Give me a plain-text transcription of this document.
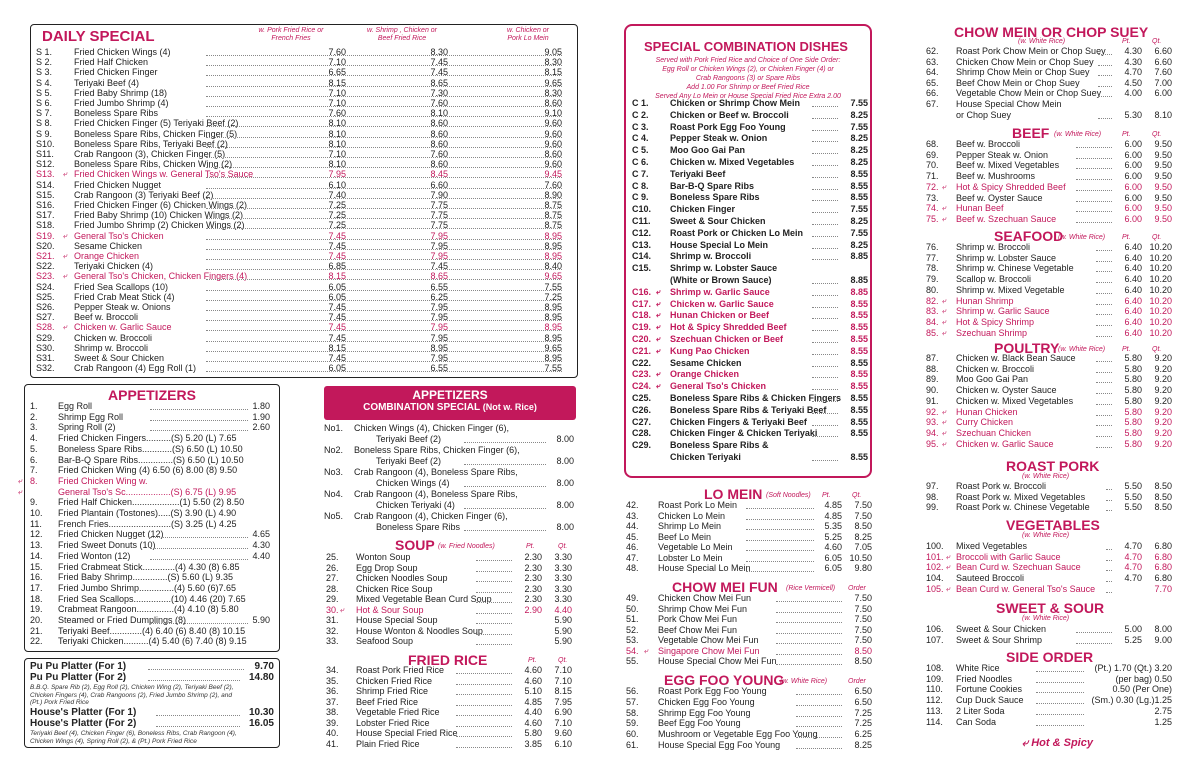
DAILY SPECIAL	w. Pork Fried Rice or
French Fries
w. Shrimp , Chicken or
Beef Fried Rice
w. Chicken or
Pork Lo Mein
S 1. Fried Chicken Wings (4)	7.60	8.30	9.05
S 2. Fried Half Chicken	7.10	7.45	8.30
S 3. Fried Chicken Finger	6.65	7.45	8.15
S 4. Teriyaki Beef (4)	8.15	8.65	9.65
S 5. Fried Baby Shrimp (18)	7.10	7.30	8.30
S 6. Fried Jumbo Shrimp (4)	7.10	7.60	8.60
S 7. Boneless Spare Ribs	7.60	8.10	9.10
S 8. Fried Chicken Finger (5) Teriyaki Beef (2)	8.10	8.60	9.60
S 9. Boneless Spare Ribs, Chicken Finger (5)	8.10	8.60	9.60
S10. Boneless Spare Ribs, Teriyaki Beef (2)	8.10	8.60	9.60
S11. Crab Rangoon (3), Chicken Finger (5)	7.10	7.60	8.60
S12. Boneless Spare Ribs, Chicken Wing (2)	8.10	8.60	9.60
⤶
S13. Fried Chicken Wings w. General Tso's Sauce	7.95	8.45	9.45
S14. Fried Chicken Nugget	6.10	6.60	7.60
S15. Crab Rangoon (3) Teriyaki Beef (2)	7.40	7.90	8.90
S16. Fried Chicken Finger (6) Chicken Wings (2)	7.25	7.75	8.75
S17. Fried Baby Shrimp (10) Chicken Wings (2)	7.25	7.75	8.75
S18. Fried Jumbo Shrimp (2) Chicken Wings (2)	7.25	7.75	8.75
⤶
S19. General Tso's Chicken	7.45	7.95	8.95
S20. Sesame Chicken	7.45	7.95	8.95
⤶
S21. Orange Chicken	7.45	7.95	8.95
S22. Teriyaki Chicken (4)	6.85	7.45	8.40
⤶
S23. General Tso's Chicken, Chicken Fingers (4)	8.15	8.65	9.65
S24. Fried Sea Scallops (10)	6.05	6.55	7.55
S25. Fried Crab Meat Stick (4)	6.05	6.25	7.25
S26. Pepper Steak w. Onions	7.45	7.95	8.95
S27. Beef w. Broccoli	7.45	7.95	8.95
⤶
S28. Chicken w. Garlic Sauce	7.45	7.95	8.95
S29. Chicken w. Broccoli	7.45	7.95	8.95
S30. Shrimp w. Broccoli	8.15	8.95	9.65
S31. Sweet & Sour Chicken	7.45	7.95	8.95
S32. Crab Rangoon (4) Egg Roll (1)	6.05	6.55	7.55
APPETIZERS
1. Egg Roll	1.80
2. Shrimp Egg Roll	1.90
3. Spring Roll (2)	2.60
4. Fried Chicken Fingers..........(S) 5.20 (L) 7.65
5. Boneless Spare Ribs............(S) 6.50 (L) 10.50
6. Bar-B-Q Spare Ribs..............(S) 6.50 (L) 10.50
7. Fried Chicken Wing (4) 6.50 (6) 8.00 (8) 9.50
⤶ 8. Fried Chicken Wing w.
⤶	General Tso's Sc..................(S) 6.75 (L) 9.95
9. Fried Half Chicken...................(1) 5.50 (2) 8.50
10. Fried Plantain (Tostones).....(S) 3.90 (L) 4.90
11. French Fries.........................(S) 3.25 (L) 4.25
12. Fried Chicken Nugget (12)	4.65
13. Fried Sweet Donuts (10)	4.30
14. Fried Wonton (12)	4.40
15. Fried Crabmeat Stick.............(4) 4.30 (8) 6.85
16. Fried Baby Shrimp..............(S) 5.60 (L) 9.35
17. Fried Jumbo Shrimp..............(4) 5.60 (6)7.65
18. Fried Sea Scallops...............(10) 4.46 (20) 7.65
19. Crabmeat Rangoon...............(4) 4.10 (8) 5.80
20. Steamed or Fried Dumplings (8)	5.90
21. Teriyaki Beef.............(4) 6.40 (6) 8.40 (8) 10.15
22. Teriyaki Chicken..........(4) 5.40 (6) 7.40 (8) 9.15
Pu Pu Platter (For 1)	9.70
Pu Pu Platter (For 2)	14.80
B.B.Q. Spare Rib (2), Egg Roll (2), Chicken Wing (2), Teriyaki Beef (2),
Chicken Fingers (4), Crab Rangoons (2), Fried Jumbo Shrimp (2), and
(Pt.) Pork Fried Rice
House's Platter (For 1)	10.30
House's Platter (For 2)	16.05
Teriyaki Beef (4), Chicken Finger (6), Boneless Ribs, Crab Rangoon (4),
Chicken Wings (4), Spring Roll (2), & (Pt.) Pork Fried Rice
APPETIZERS
COMBINATION SPECIAL (Not w. Rice)
No1. Chicken Wings (4), Chicken Finger (6),
Teriyaki Beef (2)	8.00
No2. Boneless Spare Ribs, Chicken Finger (6),
Teriyaki Beef (2)	8.00
No3. Crab Rangoon (4), Boneless Spare Ribs,
Chicken Wings (4)	8.00
No4. Crab Rangoon (4), Boneless Spare Ribs,
Chicken Teriyaki (4)	8.00
No5. Crab Rangoon (4), Chicken Finger (6),
Boneless Spare Ribs	8.00
SOUP (w. Fried Noodles)	Pt.	Qt.
25. Wonton Soup	2.30 3.30
26. Egg Drop Soup	2.30 3.30
27. Chicken Noodles Soup	2.30 3.30
28. Chicken Rice Soup	2.30 3.30
29. Mixed Vegetable Bean Curd Soup	2.30 3.30
⤶
30. Hot & Sour Soup	2.90 4.40
31. House Special Soup	5.90
32. House Wonton & Noodles Soup	5.90
33. Seafood Soup	5.90
FRIED RICE	Pt.	Qt.
34. Roast Pork Fried Rice	4.60 7.10
35. Chicken Fried Rice	4.60 7.10
36. Shrimp Fried Rice	5.10 8.15
37. Beef Fried Rice	4.85 7.95
38. Vegetable Fried Rice	4.40 6.90
39. Lobster Fried Rice	4.60 7.10
40. House Special Fried Rice	5.80 9.60
41. Plain Fried Rice	3.85 6.10
SPECIAL COMBINATION DISHES
Served with Pork Fried Rice and Choice of One Side Order:
Egg Roll or Chicken Wings (2), or Chicken Finger (4) or
Crab Rangoons (3) or Spare Ribs
Add 1.00 For Shrimp or Beef Fried Rice
Served Any Lo Mein or House Special Fried Rice Extra 2.00
C 1. Chicken or Shrimp Chow Mein	7.55
C 2. Chicken or Beef w. Broccoli	8.25
C 3. Roast Pork Egg Foo Young	7.55
C 4. Pepper Steak w. Onion	8.25
C 5. Moo Goo Gai Pan	8.25
C 6. Chicken w. Mixed Vegetables	8.25
C 7. Teriyaki Beef	8.55
C 8. Bar-B-Q Spare Ribs	8.55
C 9. Boneless Spare Ribs	8.55
C10. Chicken Finger	7.55
C11. Sweet & Sour Chicken	8.25
C12. Roast Pork or Chicken Lo Mein	7.55
C13. House Special Lo Mein	8.25
C14. Shrimp w. Broccoli	8.85
C15. Shrimp w. Lobster Sauce
(White or Brown Sauce)	8.85
⤶
C16. Shrimp w. Garlic Sauce	8.85
⤶
C17. Chicken w. Garlic Sauce	8.55
⤶
C18. Hunan Chicken or Beef	8.55
⤶
C19. Hot & Spicy Shredded Beef	8.55
⤶
C20. Szechuan Chicken or Beef	8.55
⤶
C21. Kung Pao Chicken	8.55
C22. Sesame Chicken	8.55
⤶
C23. Orange Chicken	8.55
⤶
C24. General Tso's Chicken	8.55
C25. Boneless Spare Ribs & Chicken Fingers 8.55
C26. Boneless Spare Ribs & Teriyaki Beef	8.55
C27. Chicken Fingers & Teriyaki Beef	8.55
C28. Chicken Finger & Chicken Teriyaki	8.55
C29. Boneless Spare Ribs &
Chicken Teriyaki	8.55
LO MEIN (Soft Noodles) Pt.	Qt.
42. Roast Pork Lo Mein	4.85 7.50
43. Chicken Lo Mein	4.85 7.50
44. Shrimp Lo Mein	5.35 8.50
45. Beef Lo Mein	5.25 8.25
46. Vegetable Lo Mein	4.60 7.05
47. Lobster Lo Mein	6.05 10.50
48. House Special Lo Mein	6.05 9.80
CHOW MEI FUN (Rice Vermicell) Order
49. Chicken Chow Mei Fun	7.50
50. Shrimp Chow Mei Fun	7.50
51. Pork Chow Mei Fun	7.50
52. Beef Chow Mei Fun	7.50
53. Vegetable Chow Mei Fun	7.50
⤶
54. Singapore Chow Mei Fun	8.50
55. House Special Chow Mei Fun	8.50
EGG FOO YOUNG
(w. White Rice)	Order
56. Roast Pork Egg Foo Young	6.50
57. Chicken Egg Foo Young	6.50
58. Shrimp Egg Foo Young	7.25
59. Beef Egg Foo Young	7.25
60. Mushroom or Vegetable Egg Foo Young	6.25
61. House Special Egg Foo Young	8.25
CHOW MEIN OR CHOP SUEY
(w. White Rice)	Pt.	Qt.
62. Roast Pork Chow Mein or Chop Suey 4.30 6.60
63. Chicken Chow Mein or Chop Suey	4.30 6.60
64. Shrimp Chow Mein or Chop Suey	4.70 7.60
65. Beef Chow Mein or Chop Suey	4.50 7.00
66. Vegetable Chow Mein or Chop Suey	4.00 6.00
67. House Special Chow Mein
or Chop Suey	5.30 8.10
BEEF (w. White Rice)	Pt.	Qt.
68. Beef w. Broccoli	6.00 9.50
69. Pepper Steak w. Onion	6.00 9.50
70. Beef w. Mixed Vegetables	6.00 9.50
71. Beef w. Mushrooms	6.00 9.50
⤶
72. Hot & Spicy Shredded Beef	6.00 9.50
73. Beef w. Oyster Sauce	6.00 9.50
⤶
74. Hunan Beef	6.00 9.50
⤶
75. Beef w. Szechuan Sauce	6.00 9.50
SEAFOOD
(w. White Rice) Pt.	Qt.
76. Shrimp w. Broccoli	6.40 10.20
77. Shrimp w. Lobster Sauce	6.40 10.20
78. Shrimp w. Chinese Vegetable	6.40 10.20
79. Scallop w. Broccoli	6.40 10.20
80. Shrimp w. Mixed Vegetable	6.40 10.20
⤶
82. Hunan Shrimp	6.40 10.20
⤶
83. Shrimp w. Garlic Sauce	6.40 10.20
⤶
84. Hot & Spicy Shrimp	6.40 10.20
⤶
85. Szechuan Shrimp	6.40 10.20
POULTRY
(w. White Rice) Pt.	Qt.
87. Chicken w. Black Bean Sauce	5.80 9.20
88. Chicken w. Broccoli	5.80 9.20
89. Moo Goo Gai Pan	5.80 9.20
90. Chicken w. Oyster Sauce	5.80 9.20
91. Chicken w. Mixed Vegetables	5.80 9.20
⤶
92. Hunan Chicken	5.80 9.20
⤶
93. Curry Chicken	5.80 9.20
⤶
94. Szechuan Chicken	5.80 9.20
⤶
95. Chicken w. Garlic Sauce	5.80 9.20
ROAST PORK
(w. White Rice)
97. Roast Pork w. Broccoli	5.50 8.50
98. Roast Pork w. Mixed Vegetables	5.50 8.50
99. Roast Pork w. Chinese Vegetable	5.50 8.50
VEGETABLES
(w. White Rice)
100. Mixed Vegetables	4.70 6.80
⤶
101. Broccoli with Garlic Sauce	4.70 6.80
⤶
102. Bean Curd w. Szechuan Sauce	4.70 6.80
104. Sauteed Broccoli	4.70 6.80
⤶
105. Bean Curd w. General Tso's Sauce	7.70
SWEET & SOUR
(w. White Rice)
106. Sweet & Sour Chicken	5.00 8.00
107. Sweet & Sour Shrimp	5.25 9.00
SIDE ORDER
108. White Rice	(Pt.) 1.70 (Qt.) 3.20
109. Fried Noodles	(per bag) 0.50
110. Fortune Cookies	0.50 (Per One)
112. Cup Duck Sauce	(Sm.) 0.30 (Lg.)1.25
113. 2 Liter Soda	2.75
114. Can Soda	1.25
⤶ Hot & Spicy
